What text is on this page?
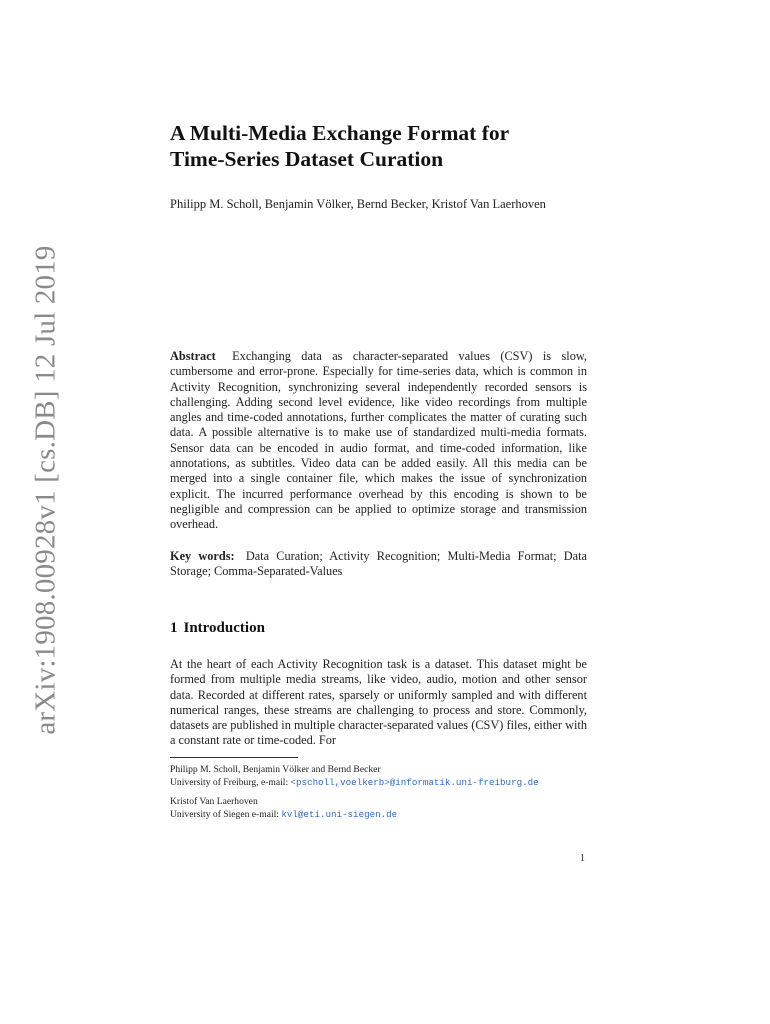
arXiv:1908.00928v1 [cs.DB] 12 Jul 2019
A Multi-Media Exchange Format for
Time-Series Dataset Curation
Philipp M. Scholl, Benjamin Völker, Bernd Becker, Kristof Van Laerhoven

Abstract Exchanging data as character-separated values (CSV) is slow, cumbersome and error-prone. Especially for time-series data, which is common in Activity Recognition, synchronizing several independently recorded sensors is challenging. Adding second level evidence, like video recordings from multiple angles and time-coded annotations, further complicates the matter of curating such data. A possible alternative is to make use of standardized multi-media formats. Sensor data can be encoded in audio format, and time-coded information, like annotations, as subtitles. Video data can be added easily. All this media can be merged into a single container file, which makes the issue of synchronization explicit. The incurred performance overhead by this encoding is shown to be negligible and compression can be applied to optimize storage and transmission overhead.

Key words: Data Curation; Activity Recognition; Multi-Media Format; Data Storage; Comma-Separated-Values

1 Introduction

At the heart of each Activity Recognition task is a dataset. This dataset might be formed from multiple media streams, like video, audio, motion and other sensor data. Recorded at different rates, sparsely or uniformly sampled and with different numerical ranges, these streams are challenging to process and store. Commonly, datasets are published in multiple character-separated values (CSV) files, either with a constant rate or time-coded. For

Philipp M. Scholl, Benjamin Völker and Bernd Becker
University of Freiburg, e-mail: <pscholl,voelkerb>@informatik.uni-freiburg.de
Kristof Van Laerhoven
University of Siegen e-mail: kvl@eti.uni-siegen.de
1
